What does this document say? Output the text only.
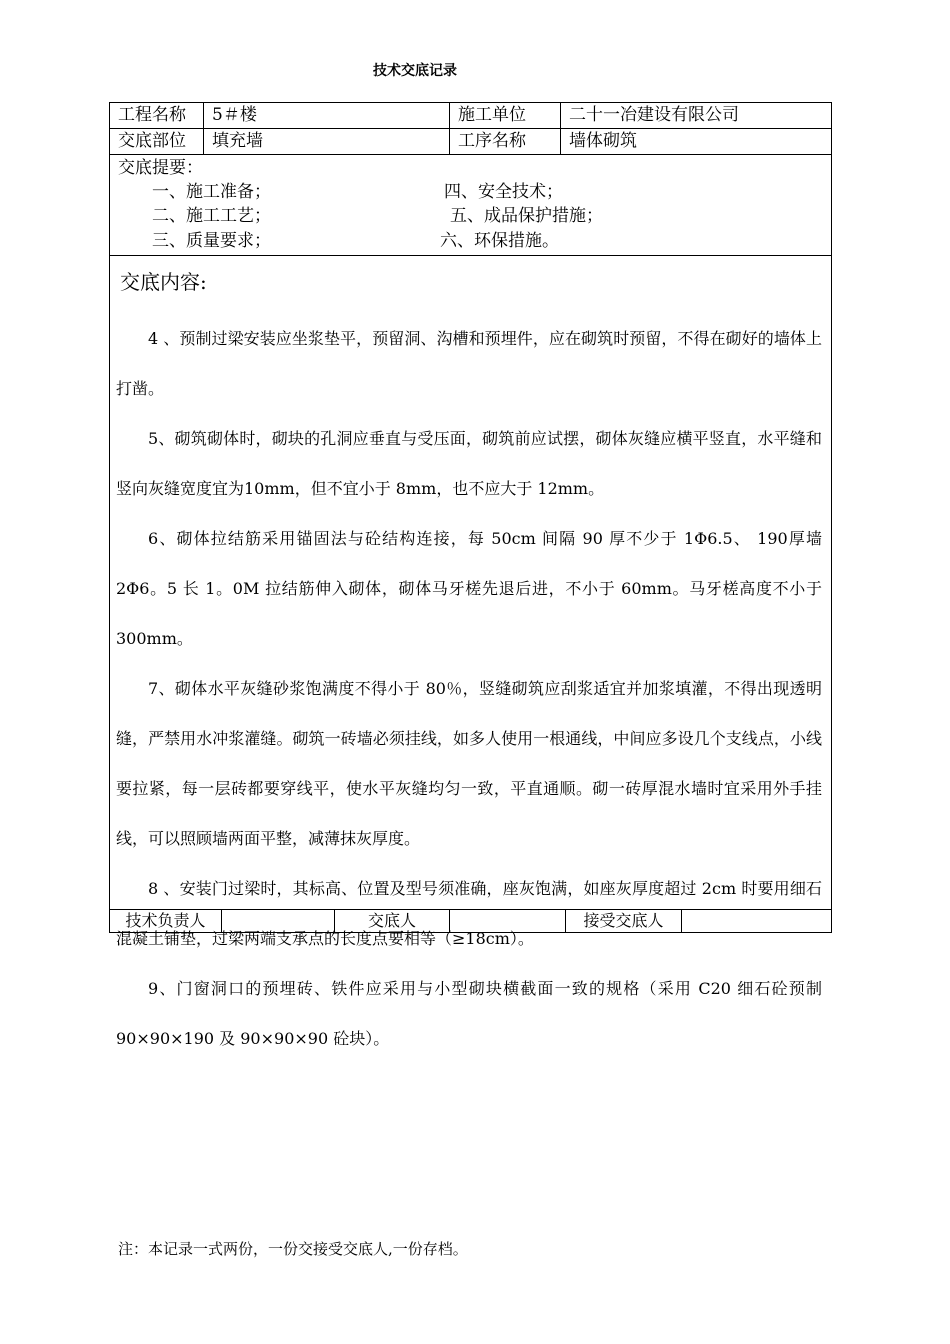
技术交底记录
工程名称	5＃楼	施工单位	二十一冶建设有限公司
交底部位	填充墙	工序名称	墙体砌筑
交底提要：
一、施工准备；
二、施工工艺；
三、质量要求；
四、安全技术；
五、成品保护措施；
六、环保措施。
交底内容:

4 、预制过梁安装应坐浆垫平，预留洞、沟槽和预埋件，应在砌筑时预留，不得在砌好的墙体上打凿。

5、砌筑砌体时，砌块的孔洞应垂直与受压面，砌筑前应试摆，砌体灰缝应横平竖直，水平缝和竖向灰缝宽度宜为10mm，但不宜小于 8mm，也不应大于 12mm。

6、砌体拉结筋采用锚固法与砼结构连接，每 50cm 间隔 90 厚不少于 1Φ6.5、 190厚墙 2Φ6。5 长 1。0M 拉结筋伸入砌体，砌体马牙槎先退后进，不小于 60mm。马牙槎高度不小于 300mm。

7、砌体水平灰缝砂浆饱满度不得小于 80％，竖缝砌筑应刮浆适宜并加浆填灌，不得出现透明缝，严禁用水冲浆灌缝。砌筑一砖墙必须挂线，如多人使用一根通线，中间应多设几个支线点，小线要拉紧，每一层砖都要穿线平，使水平灰缝均匀一致，平直通顺。砌一砖厚混水墙时宜采用外手挂线，可以照顾墙两面平整，减薄抹灰厚度。

8 、安装门过梁时，其标高、位置及型号须准确，座灰饱满，如座灰厚度超过 2cm 时要用细石混凝土铺垫，过梁两端支承点的长度点要相等（≥18cm）。

9、门窗洞口的预埋砖、铁件应采用与小型砌块横截面一致的规格（采用 C20 细石砼预制 90×90×190 及 90×90×90 砼块）。

技术负责人	交底人	接受交底人
注：本记录一式两份，一份交接受交底人,一份存档。
